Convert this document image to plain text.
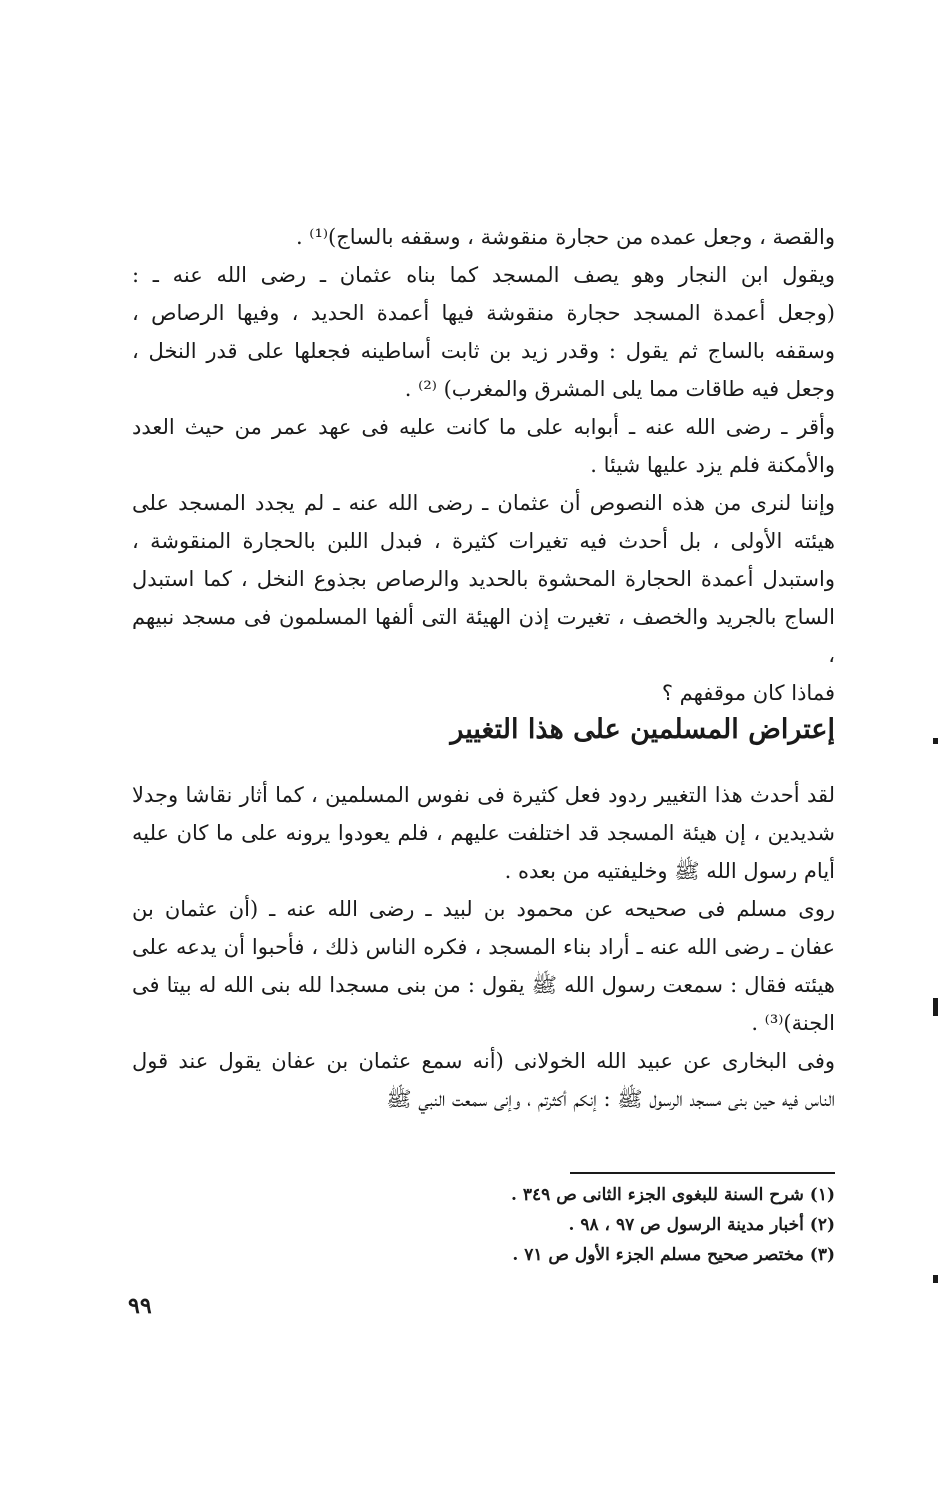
والقصة ، وجعل عمده من حجارة منقوشة ، وسقفه بالساج)⁽¹⁾ .

ويقول ابن النجار وهو يصف المسجد كما بناه عثمان ـ رضى الله عنه ـ :
(وجعل أعمدة المسجد حجارة منقوشة فيها أعمدة الحديد ، وفيها الرصاص ،
وسقفه بالساج ثم يقول : وقدر زيد بن ثابت أساطينه فجعلها على قدر النخل ،
وجعل فيه طاقات مما يلى المشرق والمغرب) ⁽²⁾ .

وأقر ـ رضى الله عنه ـ أبوابه على ما كانت عليه فى عهد عمر من حيث العدد
والأمكنة فلم يزد عليها شيئا .

وإننا لنرى من هذه النصوص أن عثمان ـ رضى الله عنه ـ لم يجدد المسجد على
هيئته الأولى ، بل أحدث فيه تغيرات كثيرة ، فبدل اللبن بالحجارة المنقوشة ،
واستبدل أعمدة الحجارة المحشوة بالحديد والرصاص بجذوع النخل ، كما استبدل
الساج بالجريد والخصف ، تغيرت إذن الهيئة التى ألفها المسلمون فى مسجد نبيهم ،
فماذا كان موقفهم ؟

إعتراض المسلمين على هذا التغيير

لقد أحدث هذا التغيير ردود فعل كثيرة فى نفوس المسلمين ، كما أثار نقاشا وجدلا
شديدين ، إن هيئة المسجد قد اختلفت عليهم ، فلم يعودوا يرونه على ما كان عليه
أيام رسول الله ﷺ وخليفتيه من بعده .

روى مسلم فى صحيحه عن محمود بن لبيد ـ رضى الله عنه ـ (أن عثمان بن
عفان ـ رضى الله عنه ـ أراد بناء المسجد ، فكره الناس ذلك ، فأحبوا أن يدعه على
هيئته فقال : سمعت رسول الله ﷺ يقول : من بنى مسجدا لله بنى الله له بيتا فى
الجنة)⁽³⁾ .

وفى البخارى عن عبيد الله الخولانى (أنه سمع عثمان بن عفان يقول عند قول
الناس فيه حين بنى مسجد الرسول ﷺ : إنكم أكثرتم ، وإنى سمعت النبي ﷺ

(١) شرح السنة للبغوى الجزء الثانى ص ٣٤٩ .
(٢) أخبار مدينة الرسول ص ٩٧ ، ٩٨ .
(٣) مختصر صحيح مسلم الجزء الأول ص ٧١ .
٩٩
